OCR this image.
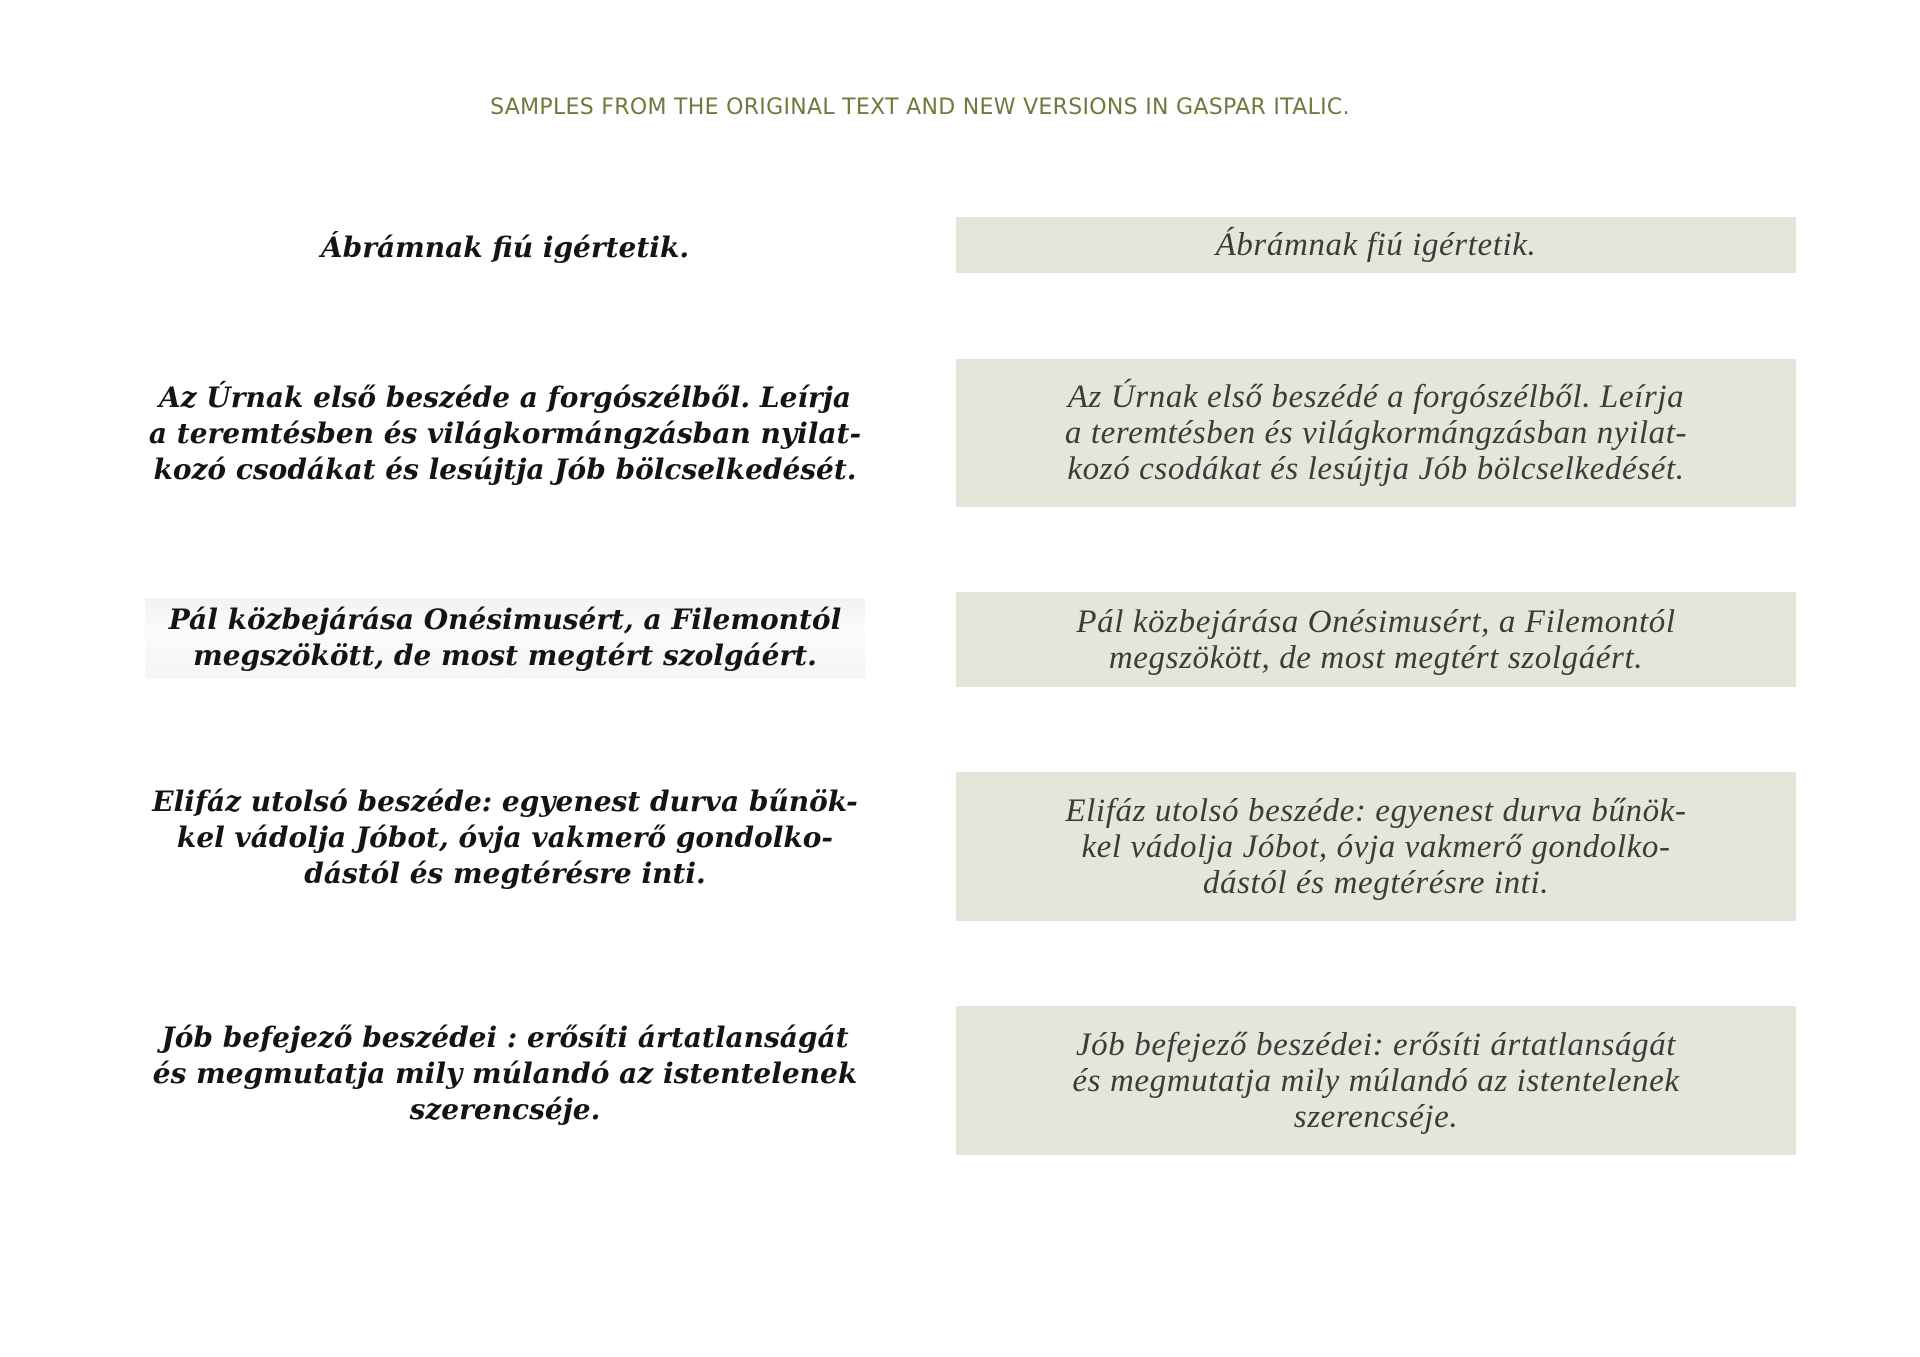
SAMPLES FROM THE ORIGINAL TEXT AND NEW VERSIONS IN GASPAR ITALIC.
Ábrámnak fiú igértetik.	Ábrámnak fiú igértetik.
Az Úrnak első beszéde a forgószélből. Leírja
a teremtésben és világkormángzásban nyilat-
kozó csodákat és lesújtja Jób bölcselkedését.
Az Úrnak első beszédé a forgószélből. Leírja
a teremtésben és világkormángzásban nyilat-
kozó csodákat és lesújtja Jób bölcselkedését.
Pál közbejárása Onésimusért, a Filemontól
megszökött, de most megtért szolgáért.
Pál közbejárása Onésimusért, a Filemontól
megszökött, de most megtért szolgáért.
Elifáz utolsó beszéde: egyenest durva bűnök-
kel vádolja Jóbot, óvja vakmerő gondolko-
dástól és megtérésre inti.
Elifáz utolsó beszéde: egyenest durva bűnök-
kel vádolja Jóbot, óvja vakmerő gondolko-
dástól és megtérésre inti.
Jób befejező beszédei : erősíti ártatlanságát
és megmutatja mily múlandó az istentelenek
szerencséje.
Jób befejező beszédei: erősíti ártatlanságát
és megmutatja mily múlandó az istentelenek
szerencséje.
